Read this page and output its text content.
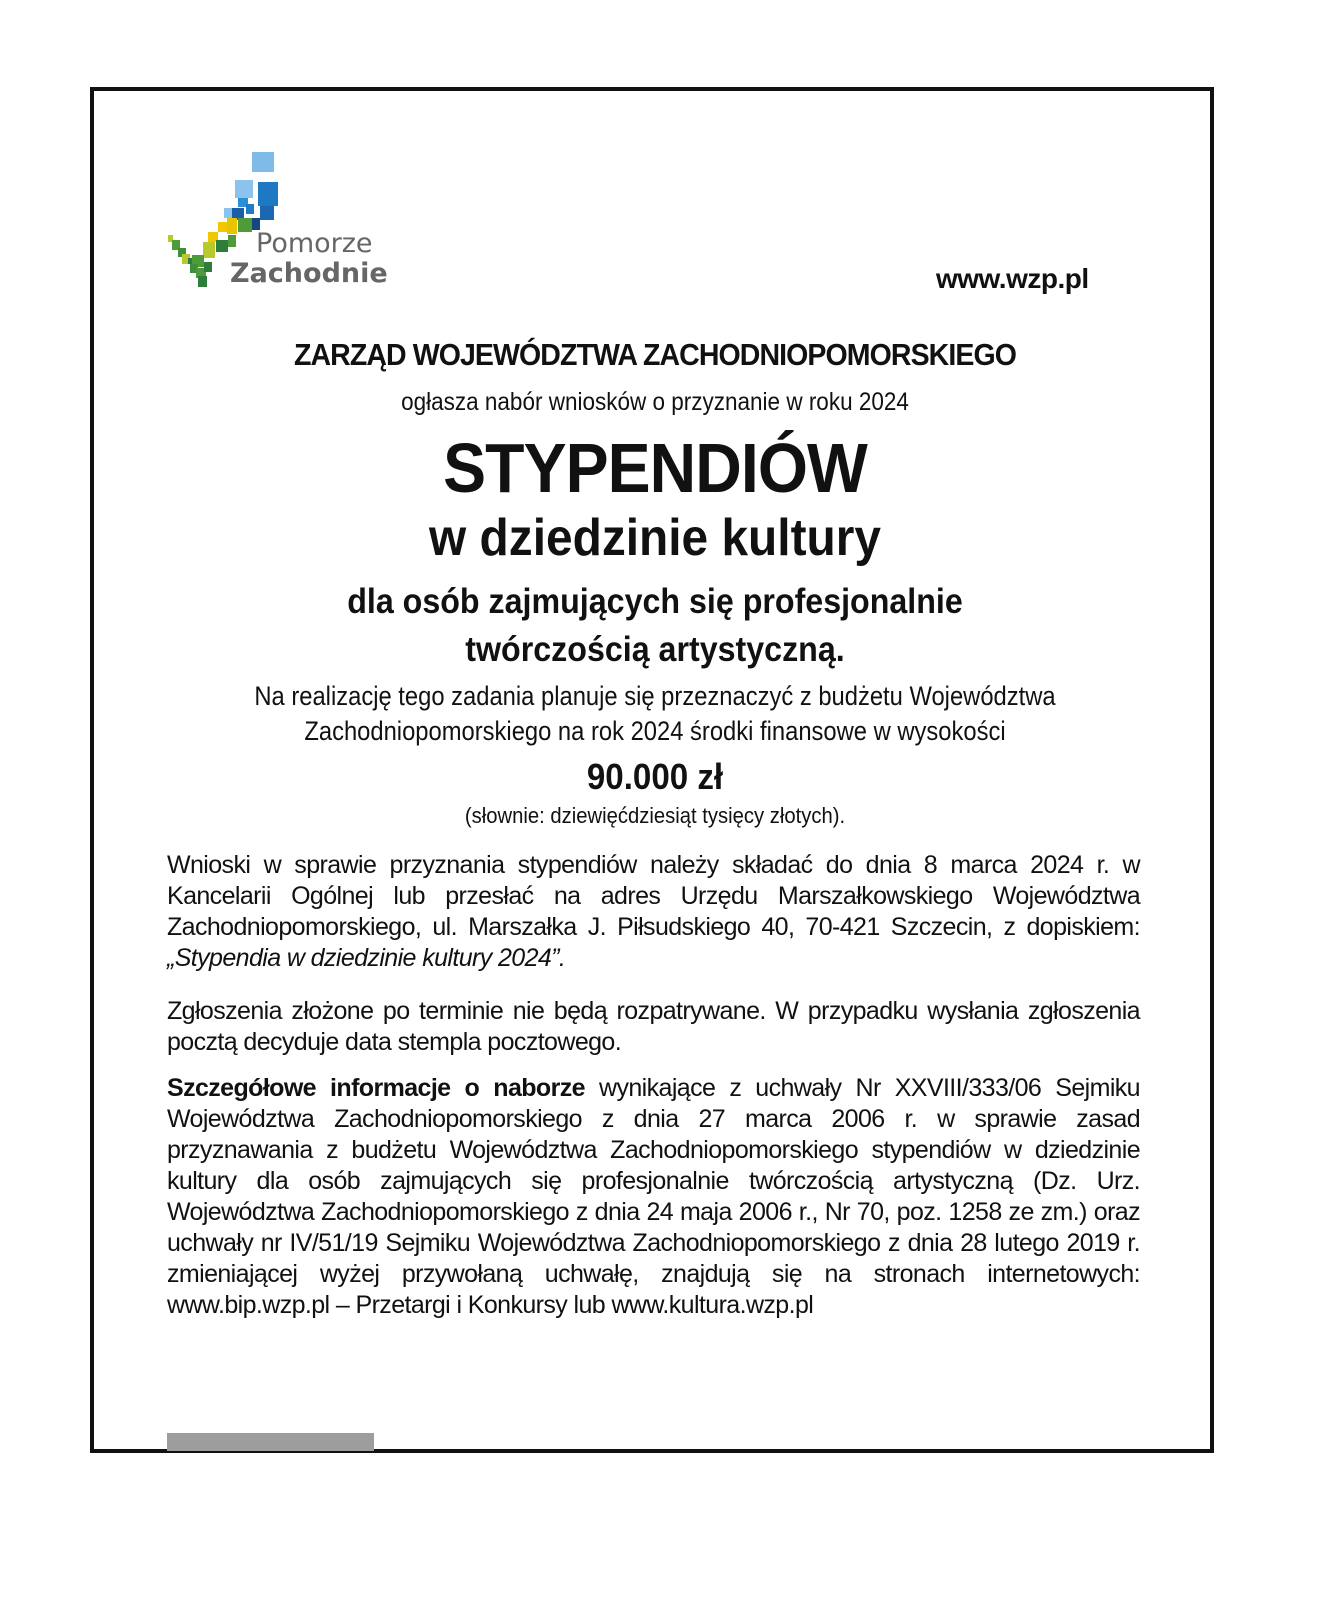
Pomorze
Zachodnie	www.wzp.pl
ZARZĄD WOJEWÓDZTWA ZACHODNIOPOMORSKIEGO
ogłasza nabór wniosków o przyznanie w roku 2024
STYPENDIÓW
w dziedzinie kultury
dla osób zajmujących się profesjonalnie
twórczością artystyczną.
Na realizację tego zadania planuje się przeznaczyć z budżetu Województwa
Zachodniopomorskiego na rok 2024 środki finansowe w wysokości
90.000 zł
(słownie: dziewięćdziesiąt tysięcy złotych).
Wnioski w sprawie przyznania stypendiów należy składać do dnia 8 marca 2024 r. w Kancelarii Ogólnej lub przesłać na adres Urzędu Marszałkowskiego Województwa Zachodniopomorskiego, ul. Marszałka J. Piłsudskiego 40, 70-421 Szczecin, z dopiskiem: „Stypendia w dziedzinie kultury 2024”.
Zgłoszenia złożone po terminie nie będą rozpatrywane. W przypadku wysłania zgłoszenia pocztą decyduje data stempla pocztowego.
Szczegółowe informacje o naborze wynikające z uchwały Nr XXVIII/333/06 Sejmiku Województwa Zachodniopomorskiego z dnia 27 marca 2006 r. w sprawie zasad przyznawania z budżetu Województwa Zachodniopomorskiego stypendiów w dziedzinie kultury dla osób zajmujących się profesjonalnie twórczością artystyczną (Dz. Urz. Województwa Zachodniopomorskiego z dnia 24 maja 2006 r., Nr 70, poz. 1258 ze zm.) oraz uchwały nr IV/51/19 Sejmiku Województwa Zachodniopomorskiego z dnia 28 lutego 2019 r. zmieniającej wyżej przywołaną uchwałę, znajdują się na stronach internetowych: www.bip.wzp.pl – Przetargi i Konkursy lub www.kultura.wzp.pl
